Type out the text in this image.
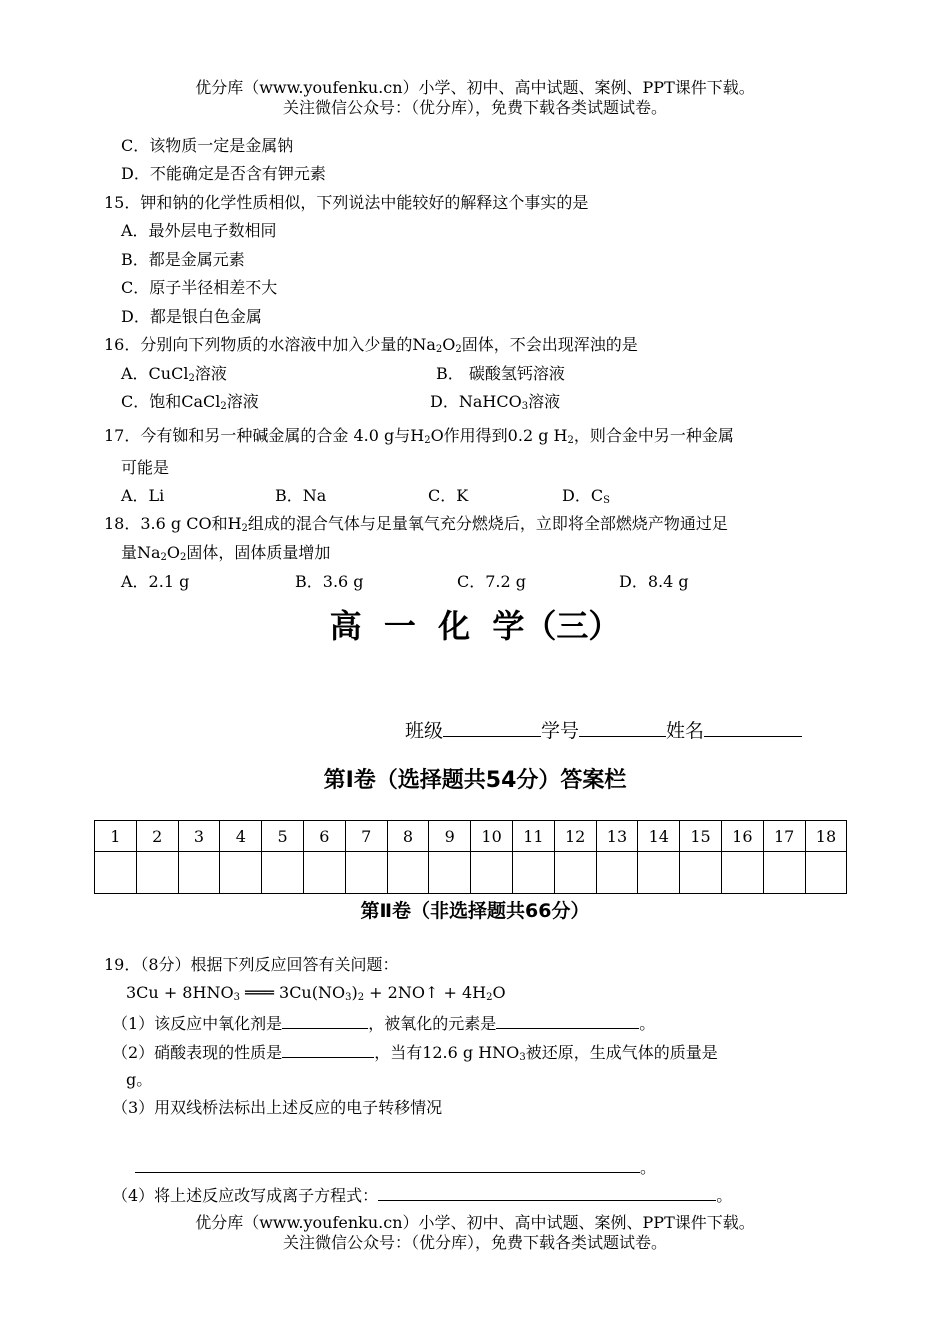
优分库（www.youfenku.cn）小学、初中、高中试题、案例、PPT课件下载。
关注微信公众号：（优分库），免费下载各类试题试卷。
C．该物质一定是金属钠
D．不能确定是否含有钾元素
15．钾和钠的化学性质相似，下列说法中能较好的解释这个事实的是
A．最外层电子数相同
B．都是金属元素
C．原子半径相差不大
D．都是银白色金属
16．分别向下列物质的水溶液中加入少量的$Na_2O_2$固体，不会出现浑浊的是
A．CuCl$_2$溶液	B． 碳酸氢钙溶液
C．饱和CaCl$_2$溶液	D．NaHCO$_3$溶液
17．今有铷和另一种碱金属的合金 4.0 g与$H_2O$作用得到0.2 g $H_2$，则合金中另一种金属
可能是
A．Li	B．Na	C．K	D．$C_S$
18．3.6 g CO和$H_2$组成的混合气体与足量氧气充分燃烧后，立即将全部燃烧产物通过足
量$Na_2O_2$固体，固体质量增加
A．2.1 g	B．3.6 g	C．7.2 g	D．8.4 g
高  一  化  学（三）
班级	学号	姓名
第Ⅰ卷（选择题共54分）答案栏
1	2	3	4	5	6	7	8	9	10	11	12	13	14	15	16	17	18

第Ⅱ卷（非选择题共66分）
19．（8分）根据下列反应回答有关问题：
$3Cu + 8HNO_3$ ═══ $3Cu(NO_3)_2$ + 2NO↑ + $4H_2O$
（1）该反应中氧化剂是	，被氧化的元素是	。
（2）硝酸表现的性质是	，当有12.6 g $HNO_3$被还原，生成气体的质量是
g。
（3）用双线桥法标出上述反应的电子转移情况
。
（4）将上述反应改写成离子方程式：	。
优分库（www.youfenku.cn）小学、初中、高中试题、案例、PPT课件下载。
关注微信公众号：（优分库），免费下载各类试题试卷。
